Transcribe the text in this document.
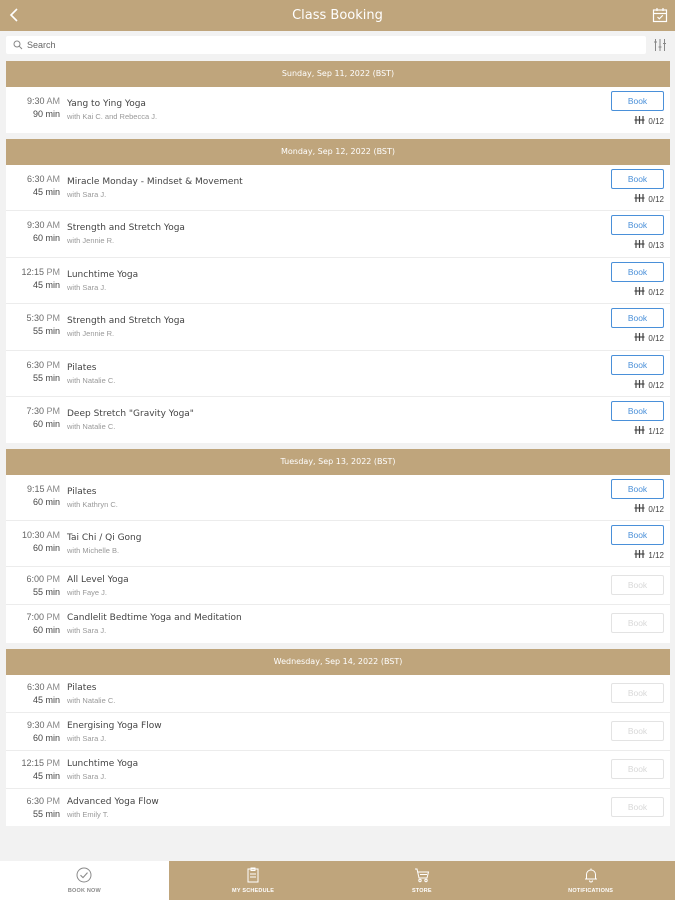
Class Booking
Search
Sunday, Sep 11, 2022 (BST)
9:30 AM
90 min
Yang to Ying Yoga
with Kai C. and Rebecca J.
Book
0/12
Monday, Sep 12, 2022 (BST)
6:30 AM
45 min
Miracle Monday - Mindset & Movement
with Sara J.
Book
0/12
9:30 AM
60 min
Strength and Stretch Yoga
with Jennie R.
Book
0/13
12:15 PM
45 min
Lunchtime Yoga
with Sara J.
Book
0/12
5:30 PM
55 min
Strength and Stretch Yoga
with Jennie R.
Book
0/12
6:30 PM
55 min
Pilates
with Natalie C.
Book
0/12
7:30 PM
60 min
Deep Stretch "Gravity Yoga"
with Natalie C.
Book
1/12
Tuesday, Sep 13, 2022 (BST)
9:15 AM
60 min
Pilates
with Kathryn C.
Book
0/12
10:30 AM
60 min
Tai Chi / Qi Gong
with Michelle B.
Book
1/12
6:00 PM
55 min
All Level Yoga
with Faye J.
Book
7:00 PM
60 min
Candlelit Bedtime Yoga and Meditation
with Sara J.
Book
Wednesday, Sep 14, 2022 (BST)
6:30 AM
45 min
Pilates
with Natalie C.
Book
9:30 AM
60 min
Energising Yoga Flow
with Sara J.
Book
12:15 PM
45 min
Lunchtime Yoga
with Sara J.
Book
6:30 PM
55 min
Advanced Yoga Flow
with Emily T.
Book
BOOK NOW	MY SCHEDULE	STORE	NOTIFICATIONS
